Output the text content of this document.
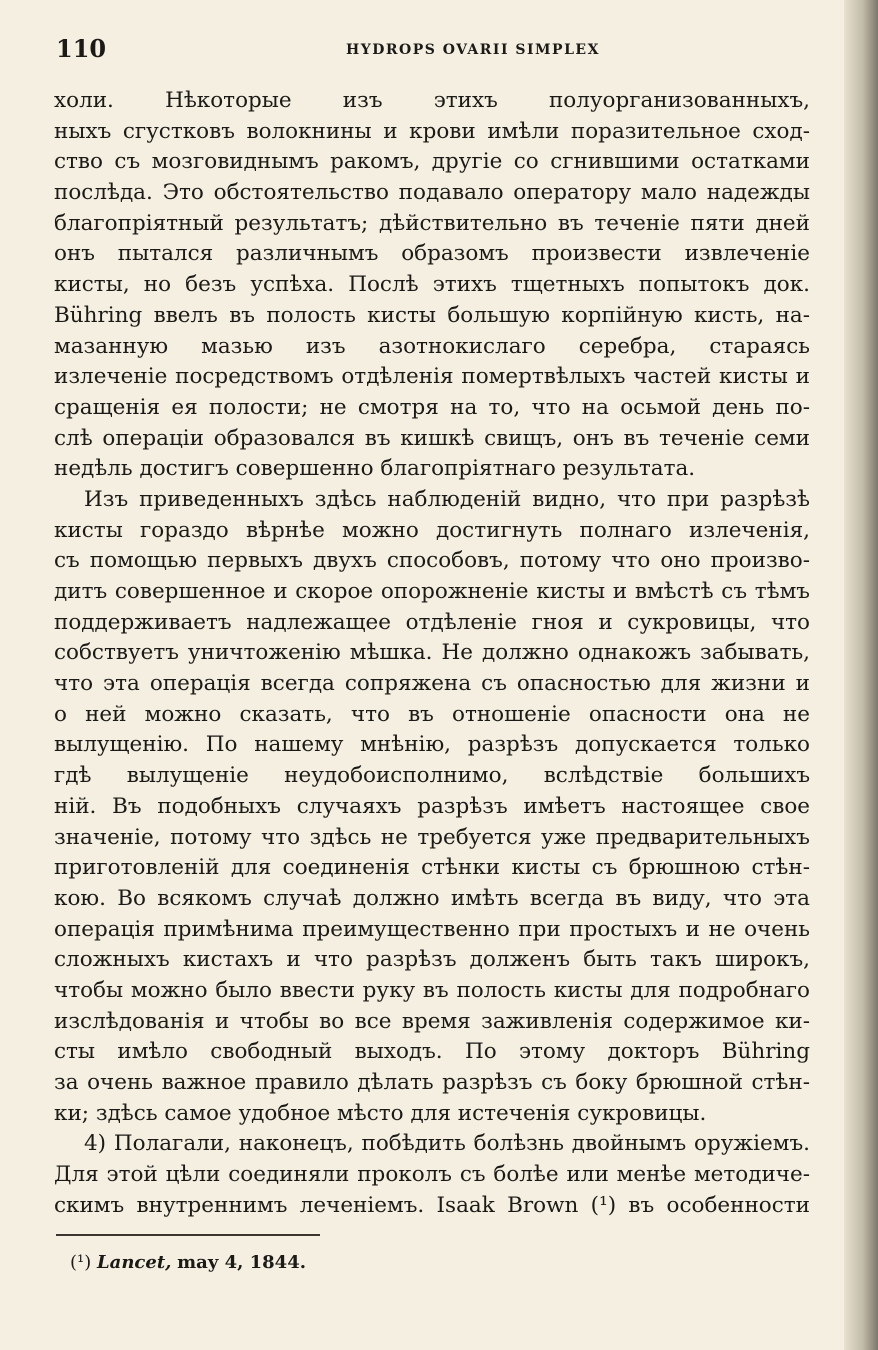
110	HYDROPS OVARII SIMPLEX

холи. Нѣкоторые изъ этихъ полуорганизованныхъ,
ныхъ сгустковъ волокнины и крови имѣли поразительное сход-
ство съ мозговиднымъ ракомъ, другіе со сгнившими остатками
послѣда. Это обстоятельство подавало оператору мало надежды
благопріятный результатъ; дѣйствительно въ теченіе пяти дней
онъ пытался различнымъ образомъ произвести извлеченіе
кисты, но безъ успѣха. Послѣ этихъ тщетныхъ попытокъ док.
Bühring ввелъ въ полость кисты большую корпійную кисть, на-
мазанную мазью изъ азотнокислаго серебра, стараясь
излеченіе посредствомъ отдѣленія помертвѣлыхъ частей кисты и
сращенія ея полости; не смотря на то, что на осьмой день по-
слѣ операціи образовался въ кишкѣ свищъ, онъ въ теченіе семи
недѣль достигъ совершенно благопріятнаго результата.

Изъ приведенныхъ здѣсь наблюденій видно, что при разрѣзѣ
кисты гораздо вѣрнѣе можно достигнуть полнаго излеченія,
съ помощью первыхъ двухъ способовъ, потому что оно произво-
дитъ совершенное и скорое опорожненіе кисты и вмѣстѣ съ тѣмъ
поддерживаетъ надлежащее отдѣленіе гноя и сукровицы, что
собствуетъ уничтоженію мѣшка. Не должно однакожъ забывать,
что эта операція всегда сопряжена съ опасностью для жизни и
о ней можно сказать, что въ отношеніе опасности она не
вылущенію. По нашему мнѣнію, разрѣзъ допускается только
гдѣ вылущеніе неудобоисполнимо, вслѣдствіе большихъ
ній. Въ подобныхъ случаяхъ разрѣзъ имѣетъ настоящее свое
значеніе, потому что здѣсь не требуется уже предварительныхъ
приготовленій для соединенія стѣнки кисты съ брюшною стѣн-
кою. Во всякомъ случаѣ должно имѣть всегда въ виду, что эта
операція примѣнима преимущественно при простыхъ и не очень
сложныхъ кистахъ и что разрѣзъ долженъ быть такъ широкъ,
чтобы можно было ввести руку въ полость кисты для подробнаго
изслѣдованія и чтобы во все время заживленія содержимое ки-
сты имѣло свободный выходъ. По этому докторъ Bühring
за очень важное правило дѣлать разрѣзъ съ боку брюшной стѣн-
ки; здѣсь самое удобное мѣсто для истеченія сукровицы.

4) Полагали, наконецъ, побѣдить болѣзнь двойнымъ оружіемъ.
Для этой цѣли соединяли проколъ съ болѣе или менѣе методиче-
скимъ внутреннимъ леченіемъ. Isaak Brown (¹) въ особенности

(¹) Lancet, may 4, 1844.
